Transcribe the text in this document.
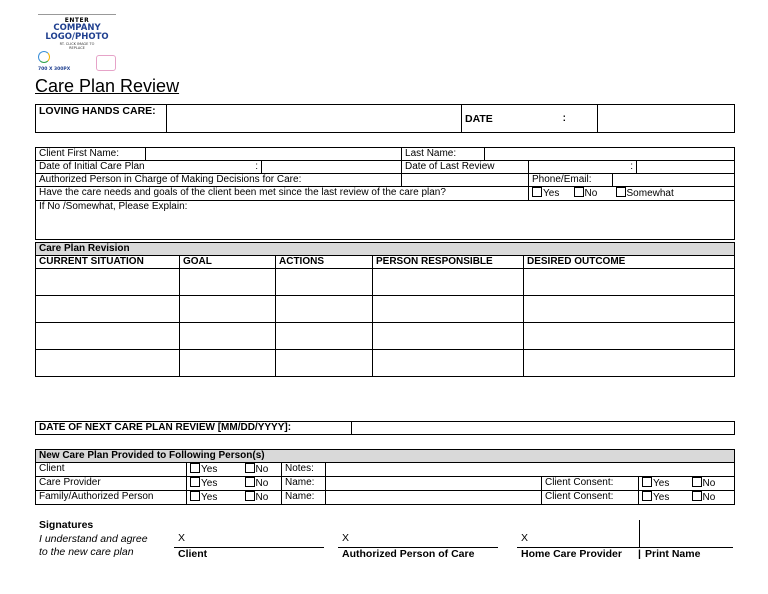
ENTER
COMPANY
LOGO/PHOTO
RT. CLICK IMAGE TO
REPLACE
700 X 300PX
Care Plan Review
LOVING HANDS CARE:		DATE	:	
Client First Name:				Last Name:					
Date of Initial Care Plan		:		Date of Last Review		:			
Authorized Person in Charge of Making Decisions for Care:						Phone/Email:			
Have the care needs and goals of the client been met since the last review of the care plan?						Yes	No	Somewhat	
If No /Somewhat, Please Explain:									
Care Plan Revision				
CURRENT SITUATION	GOAL	ACTIONS	PERSON RESPONSIBLE	DESIRED OUTCOME

DATE OF NEXT CARE PLAN REVIEW [MM/DD/YYYY]:	
New Care Plan Provided to Following Person(s)							
Client	Yes	No	Notes:				
Care Provider	Yes	No	Name:		Client Consent:	Yes	No
Family/Authorized Person	Yes	No	Name:		Client Consent:	Yes	No
Signatures
I understand and agree
to the new care plan
X
Client
X
Authorized Person of Care
X
Home Care Provider | Print Name
